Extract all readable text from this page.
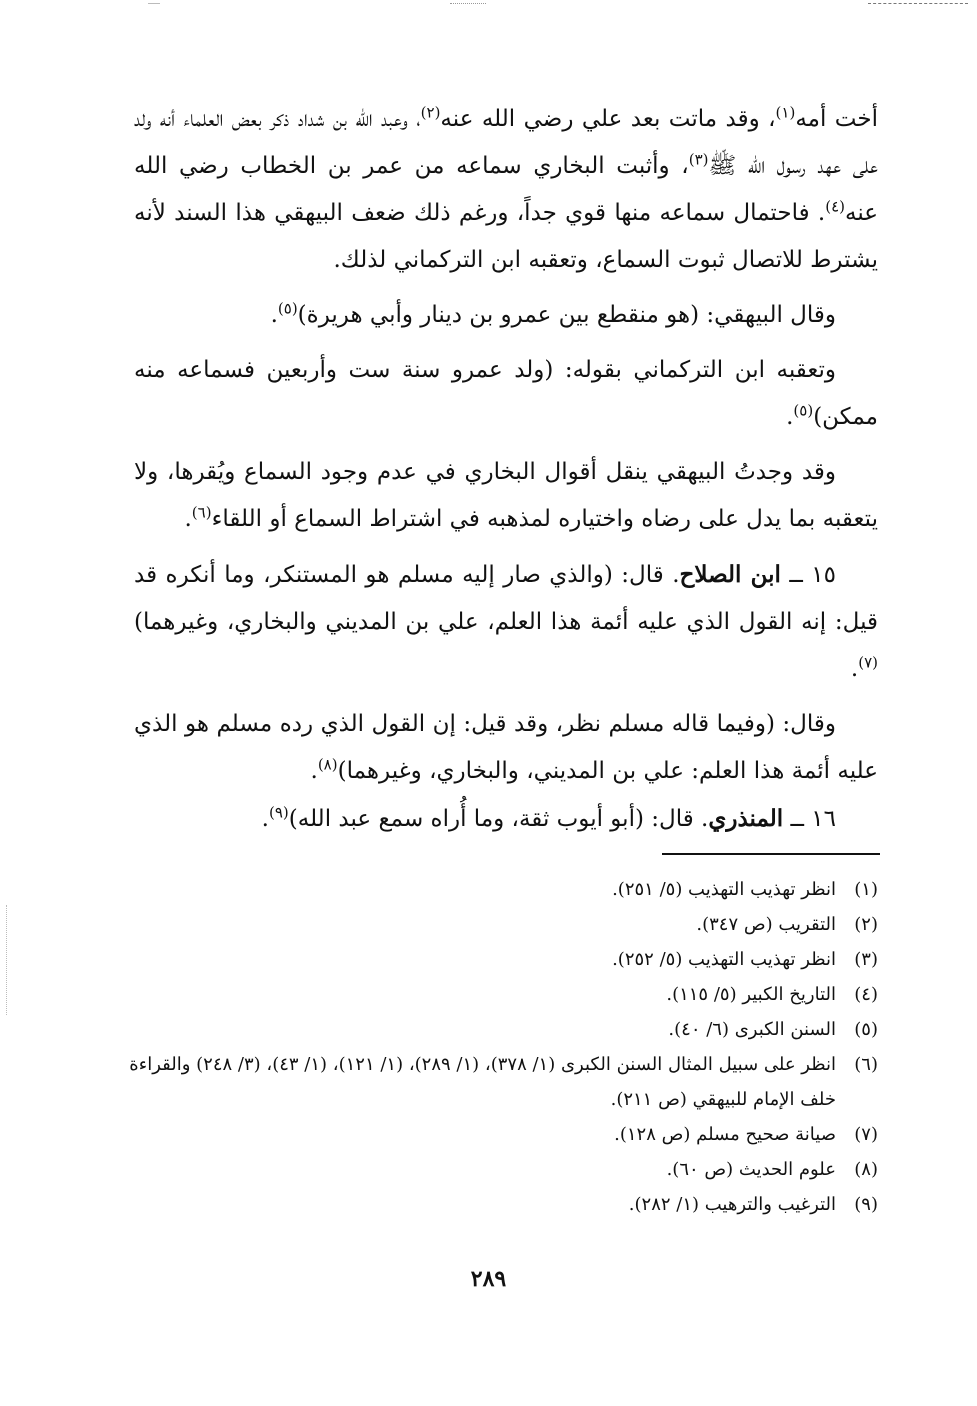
أخت أمه$^{(١)}$، وقد ماتت بعد علي رضي الله عنه$^{(٢)}$، وعبد الله بن شداد ذكر بعض العلماء أنه ولد على عهد رسول الله ﷺ$^{(٣)}$، وأثبت البخاري سماعه من عمر بن الخطاب رضي الله عنه$^{(٤)}$. فاحتمال سماعه منها قوي جداً، ورغم ذلك ضعف البيهقي هذا السند لأنه يشترط للاتصال ثبوت السماع، وتعقبه ابن التركماني لذلك.

وقال البيهقي: (هو منقطع بين عمرو بن دينار وأبي هريرة)$^{(٥)}$.

وتعقبه ابن التركماني بقوله: (ولد عمرو سنة ست وأربعين فسماعه منه ممكن)$^{(٥)}$.

وقد وجدتُ البيهقي ينقل أقوال البخاري في عدم وجود السماع ويُقرها، ولا يتعقبه بما يدل على رضاه واختياره لمذهبه في اشتراط السماع أو اللقاء$^{(٦)}$.

١٥ ــ ابن الصلاح. قال: (والذي صار إليه مسلم هو المستنكر، وما أنكره قد قيل: إنه القول الذي عليه أئمة هذا العلم، علي بن المديني والبخاري، وغيرهما)$^{(٧)}$.

وقال: (وفيما قاله مسلم نظر، وقد قيل: إن القول الذي رده مسلم هو الذي عليه أئمة هذا العلم: علي بن المديني، والبخاري، وغيرهما)$^{(٨)}$.

١٦ ــ المنذري. قال: (أبو أيوب ثقة، وما أُراه سمع عبد الله)$^{(٩)}$.

(١)
انظر تهذيب التهذيب (٥/ ٢٥١).
(٢)
التقريب (ص ٣٤٧).
(٣)
انظر تهذيب التهذيب (٥/ ٢٥٢).
(٤)
التاريخ الكبير (٥/ ١١٥).
(٥)
السنن الكبرى (٦/ ٤٠).
(٦)
انظر على سبيل المثال السنن الكبرى (١/ ٣٧٨)، (١/ ٢٨٩)، (١/ ١٢١)، (١/ ٤٣)، (٣/ ٢٤٨) والقراءة خلف الإمام للبيهقي (ص ٢١١).
(٧)
صيانة صحيح مسلم (ص ١٢٨).
(٨)
علوم الحديث (ص ٦٠).
(٩)
الترغيب والترهيب (١/ ٢٨٢).
٢٨٩
